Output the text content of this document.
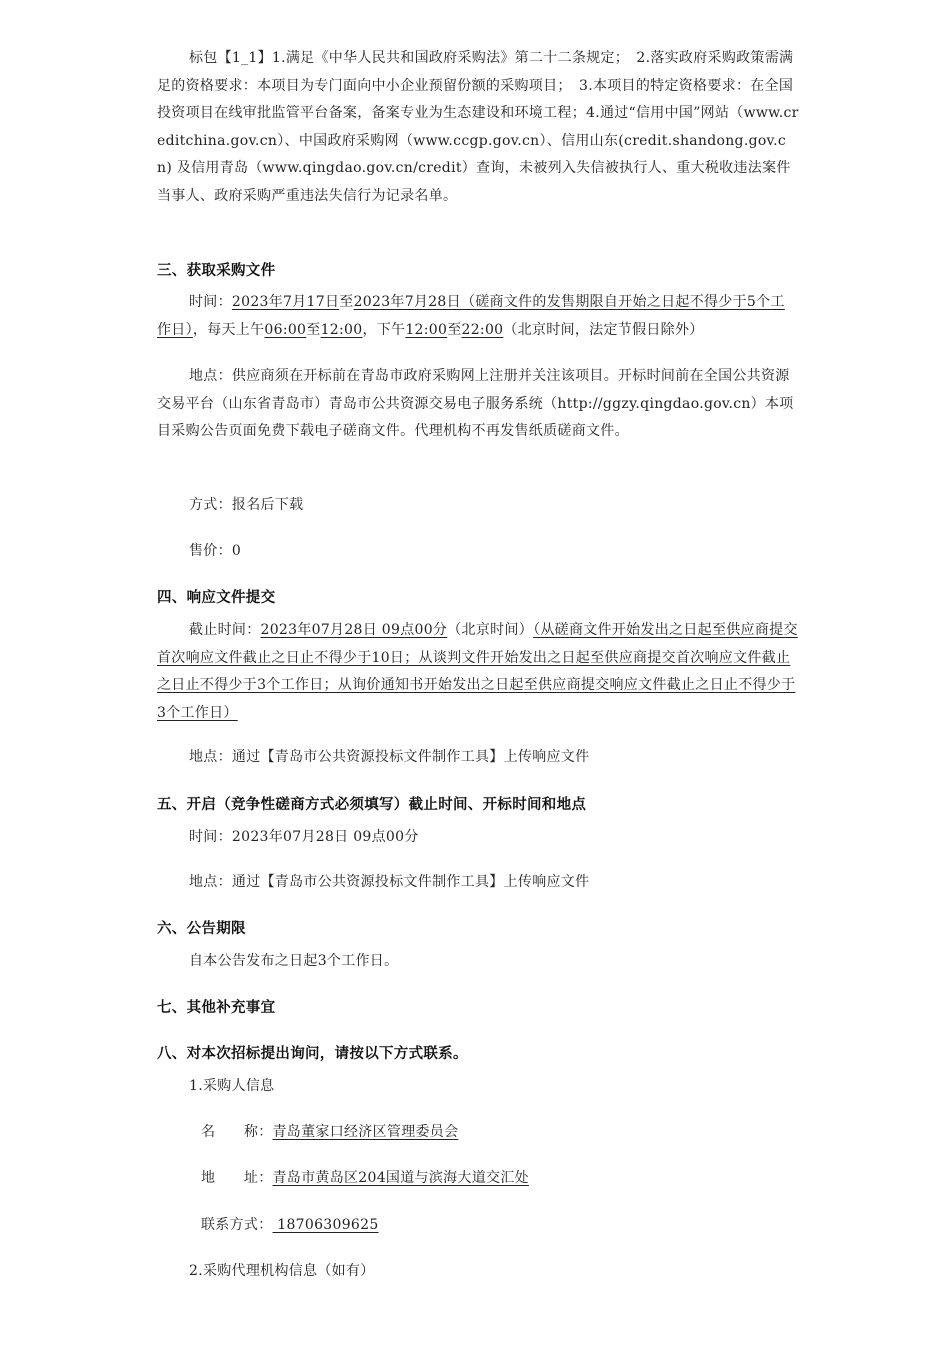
标包【1_1】1.满足《中华人民共和国政府采购法》第二十二条规定；　2.落实政府采购政策需满足的资格要求：本项目为专门面向中小企业预留份额的采购项目；　3.本项目的特定资格要求：在全国投资项目在线审批监管平台备案，备案专业为生态建设和环境工程；4.通过“信用中国”网站（www.creditchina.gov.cn）、中国政府采购网（www.ccgp.gov.cn）、信用山东(credit.shandong.gov.cn) 及信用青岛（www.qingdao.gov.cn/credit）查询，未被列入失信被执行人、重大税收违法案件当事人、政府采购严重违法失信行为记录名单。

三、获取采购文件

时间：2023年7月17日至2023年7月28日（磋商文件的发售期限自开始之日起不得少于5个工作日），每天上午06:00至12:00，下午12:00至22:00（北京时间，法定节假日除外）

地点：供应商须在开标前在青岛市政府采购网上注册并关注该项目。开标时间前在全国公共资源交易平台（山东省青岛市）青岛市公共资源交易电子服务系统（http://ggzy.qingdao.gov.cn）本项目采购公告页面免费下载电子磋商文件。代理机构不再发售纸质磋商文件。

方式：报名后下载

售价：0

四、响应文件提交

截止时间：2023年07月28日 09点00分（北京时间）（从磋商文件开始发出之日起至供应商提交首次响应文件截止之日止不得少于10日；从谈判文件开始发出之日起至供应商提交首次响应文件截止之日止不得少于3个工作日；从询价通知书开始发出之日起至供应商提交响应文件截止之日止不得少于3个工作日）

地点：通过【青岛市公共资源投标文件制作工具】上传响应文件

五、开启（竞争性磋商方式必须填写）截止时间、开标时间和地点

时间：2023年07月28日 09点00分

地点：通过【青岛市公共资源投标文件制作工具】上传响应文件

六、公告期限

自本公告发布之日起3个工作日。

七、其他补充事宜
八、对本次招标提出询问，请按以下方式联系。

1.采购人信息

名　　称：青岛董家口经济区管理委员会

地　　址：青岛市黄岛区204国道与滨海大道交汇处

联系方式： 18706309625

2.采购代理机构信息（如有）
